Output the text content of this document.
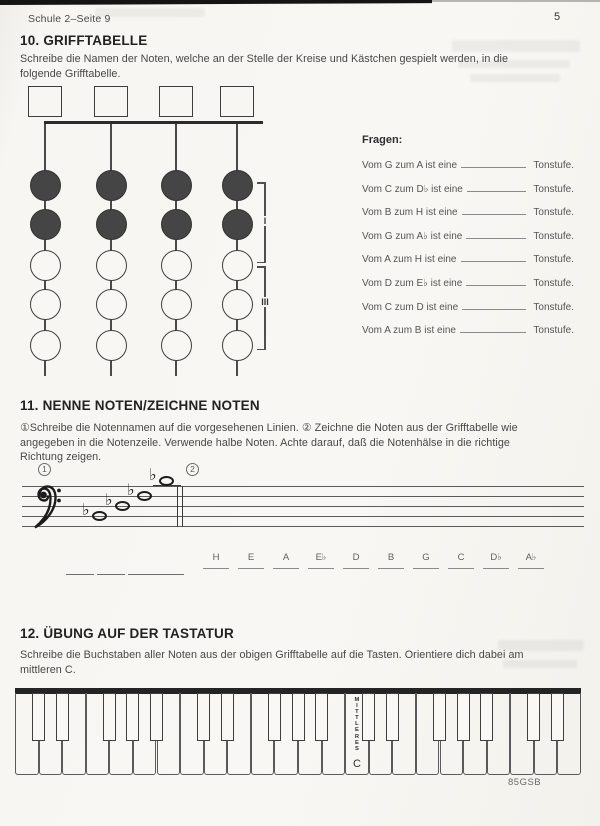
Schule 2–Seite 9	5
10. GRIFFTABELLE
Schreibe die Namen der Noten, welche an der Stelle der Kreise und Kästchen gespielt werden, in die
folgende Grifftabelle.
I
III
Fragen:
Vom G zum A ist eine	Tonstufe.
Vom C zum D♭ ist eine	Tonstufe.
Vom B zum H ist eine	Tonstufe.
Vom G zum A♭ ist eine	Tonstufe.
Vom A zum H ist eine	Tonstufe.
Vom D zum E♭ ist eine	Tonstufe.
Vom C zum D ist eine	Tonstufe.
Vom A zum B ist eine	Tonstufe.
11. NENNE NOTEN/ZEICHNE NOTEN
①Schreibe die Notennamen auf die vorgesehenen Linien. ② Zeichne die Noten aus der Grifftabelle wie
angegeben in die Notenzeile. Verwende halbe Noten. Achte darauf, daß die Notenhälse in die richtige
Richtung zeigen.
♭
♭
♭
♭
1	2
H	E	A	E♭	D	B	G	C	D♭	A♭
12. ÜBUNG AUF DER TASTATUR
Schreibe die Buchstaben aller Noten aus der obigen Grifftabelle auf die Tasten. Orientiere dich dabei am
mittleren C.
M
I
T
T
L
E
R
E
S
C
85GSB
